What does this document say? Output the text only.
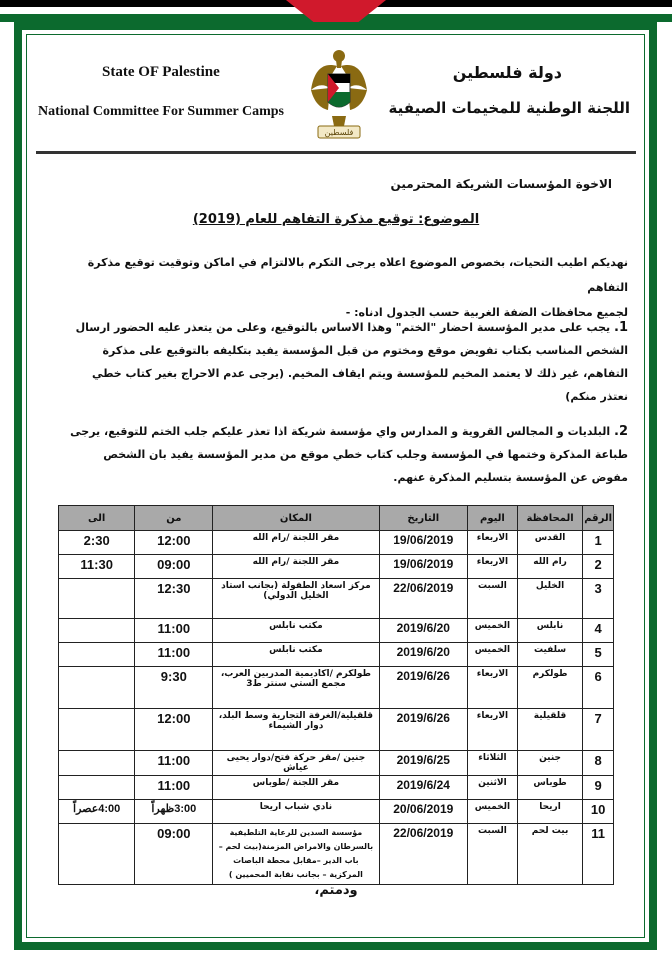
State OF Palestine
National Committee For Summer Camps
دولة فلسطين
اللجنة الوطنية للمخيمات الصيفية
فلسطين
الاخوة المؤسسات الشريكة المحترمين
الموضوع: توقيع مذكرة التفاهم للعام (2019)
نهديكم اطيب التحيات، بخصوص الموضوع اعلاه يرجى التكرم بالالتزام في اماكن وتوقيت توقيع مذكرة التفاهم
لجميع محافظات الضفة الغربية حسب الجدول ادناه: -
1. يجب على مدير المؤسسة احضار "الختم" وهذا الاساس بالتوقيع، وعلى من يتعذر عليه الحضور ارسال الشخص المناسب بكتاب تفويض موقع ومختوم من قبل المؤسسة يفيد بتكليفه بالتوقيع على مذكرة التفاهم، غير ذلك لا يعتمد المخيم للمؤسسة ويتم ايقاف المخيم. (يرجى عدم الاحراج بغير كتاب خطي نعتذر منكم)
2. البلديات و المجالس القروية و المدارس واي مؤسسة شريكة اذا تعذر عليكم جلب الختم للتوقيع، يرجى طباعة المذكرة وختمها في المؤسسة وجلب كتاب خطي موقع من مدير المؤسسة يفيد بان الشخص مفوض عن المؤسسة بتسليم المذكرة عنهم.
الرقم	المحافظة	اليوم	التاريخ	المكان	من	الى
1	القدس	الاربعاء	19/06/2019	مقر اللجنة /رام الله	12:00	2:30
2	رام الله	الاربعاء	19/06/2019	مقر اللجنة /رام الله	09:00	11:30
3	الخليل	السبت	22/06/2019	مركز اسعاد الطفولة (بجانب استاد الخليل الدولي)	12:30	
4	نابلس	الخميس	2019/6/20	مكتب نابلس	11:00	
5	سلفيت	الخميس	2019/6/20	مكتب نابلس	11:00	
6	طولكرم	الاربعاء	2019/6/26	طولكرم /اكاديمية المدربين العرب، مجمع الستي سنتر ط3	9:30	
7	قلقيلية	الاربعاء	2019/6/26	قلقيلية/الغرفة التجارية وسط البلد، دوار الشيماء	12:00	
8	جنين	الثلاثاء	2019/6/25	جنين /مقر حركة فتح/دوار يحيى عياش	11:00	
9	طوباس	الاثنين	2019/6/24	مقر اللجنة /طوباس	11:00	
10	اريحا	الخميس	20/06/2019	نادي شباب اريحا	3:00ظهراً	4:00عصراً
11	بيت لحم	السبت	22/06/2019	مؤسسة السدين للرعاية التلطيفية بالسرطان والامراض المزمنة(بيت لحم – باب الدير –مقابل محطة الباصات المركزية – بجانب نقابة المحميين )	09:00	
ودمتم،
